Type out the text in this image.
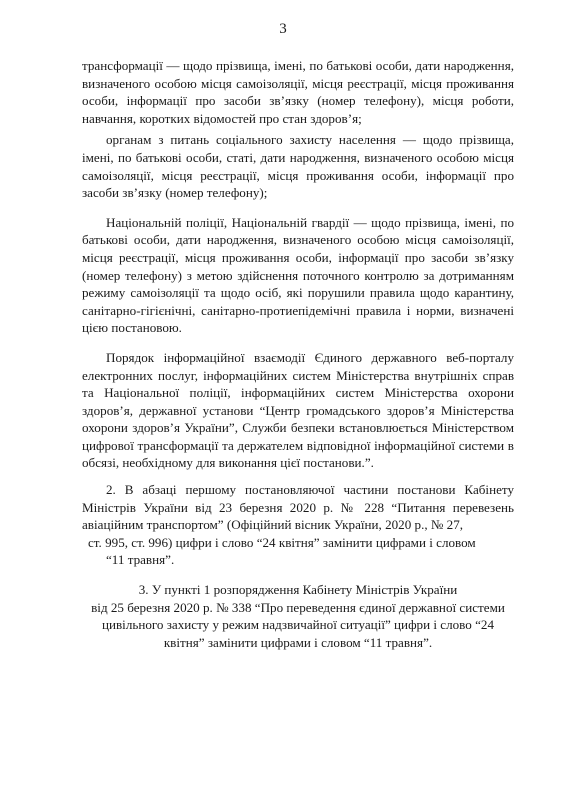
3

трансформації — щодо прізвища, імені, по батькові особи, дати народження, визначеного особою місця самоізоляції, місця реєстрації, місця проживання особи, інформації про засоби зв’язку (номер телефону), місця роботи, навчання, коротких відомостей про стан здоров’я;

органам з питань соціального захисту населення — щодо прізвища, імені, по батькові особи, статі, дати народження, визначеного особою місця самоізоляції, місця реєстрації, місця проживання особи, інформації про засоби зв’язку (номер телефону);

Національній поліції, Національній гвардії — щодо прізвища, імені, по батькові особи, дати народження, визначеного особою місця самоізоляції, місця реєстрації, місця проживання особи, інформації про засоби зв’язку (номер телефону) з метою здійснення поточного контролю за дотриманням режиму самоізоляції та щодо осіб, які порушили правила щодо карантину, санітарно-гігієнічні, санітарно-протиепідемічні правила і норми, визначені цією постановою.

Порядок інформаційної взаємодії Єдиного державного веб-порталу електронних послуг, інформаційних систем Міністерства внутрішніх справ та Національної поліції, інформаційних систем Міністерства охорони здоров’я, державної установи “Центр громадського здоров’я Міністерства охорони здоров’я України”, Служби безпеки встановлюється Міністерством цифрової трансформації та держателем відповідної інформаційної системи в обсязі, необхідному для виконання цієї постанови.”.

2. В абзаці першому постановляючої частини постанови Кабінету Міністрів України від 23 березня 2020 р. № 228 “Питання перевезень авіаційним транспортом” (Офіційний вісник України, 2020 р., № 27,

ст. 995, ст. 996) цифри і слово “24 квітня” замінити цифрами і словом

“11 травня”.

3. У пункті 1 розпорядження Кабінету Міністрів України

від 25 березня 2020 р. № 338 “Про переведення єдиної державної системи цивільного захисту у режим надзвичайної ситуації” цифри і слово “24 квітня” замінити цифрами і словом “11 травня”.
